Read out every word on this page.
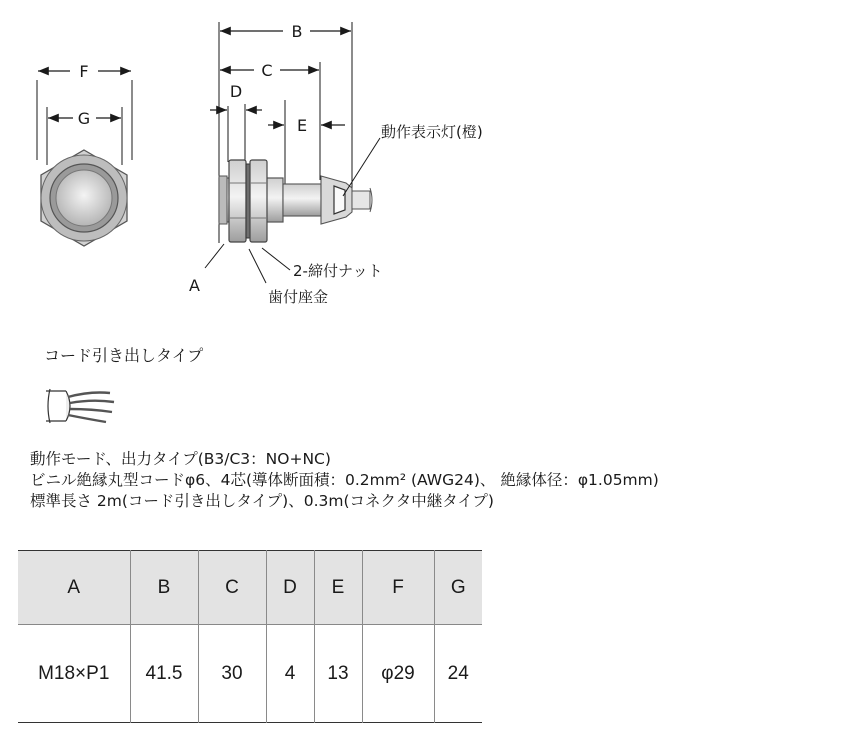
F
G
B
C
D
E	動作表示灯(橙)
2-締付ナット
歯付座金
A
コード引き出しタイプ

動作モード、出力タイプ(B3/C3：NO+NC)

ビニル絶縁丸型コードφ6、4芯(導体断面積：0.2mm² (AWG24)、 絶縁体径：φ1.05mm)

標準長さ 2m(コード引き出しタイプ)、0.3m(コネクタ中継タイプ)

A	B	C	D	E	F	G
M18×P1	41.5	30	4	13	φ29	24
